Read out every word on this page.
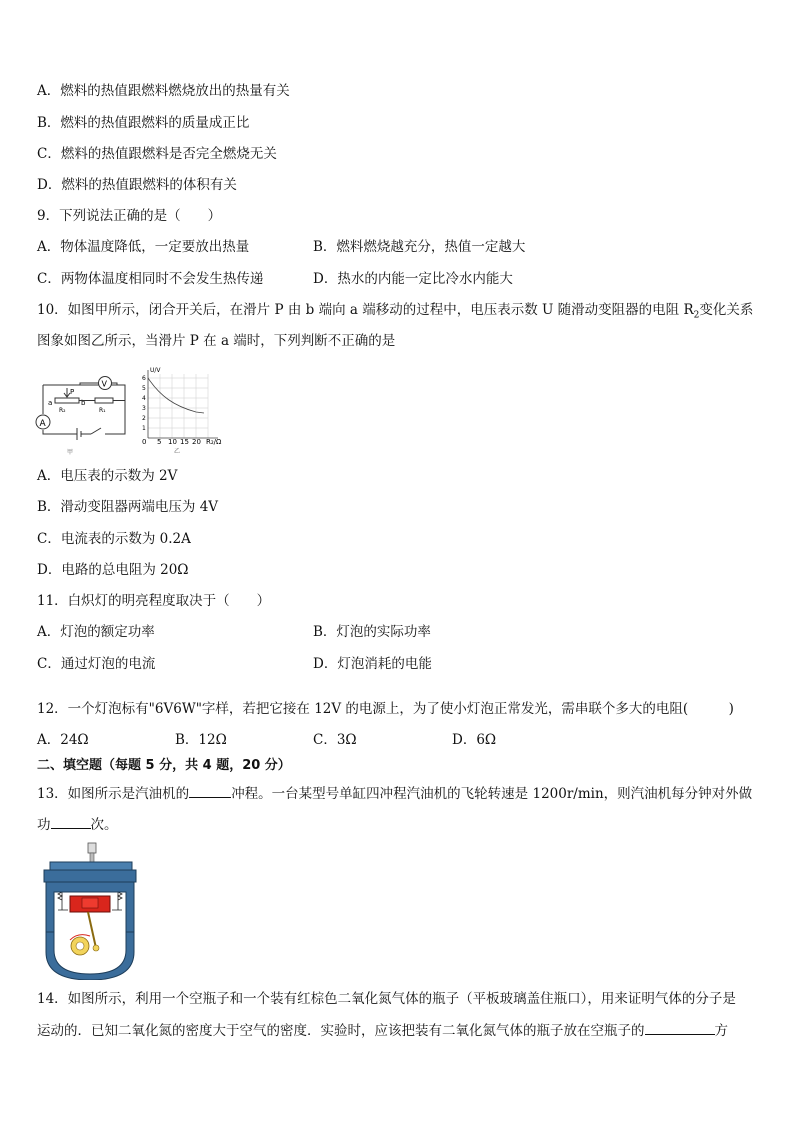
A．燃料的热值跟燃料燃烧放出的热量有关
B．燃料的热值跟燃料的质量成正比
C．燃料的热值跟燃料是否完全燃烧无关
D．燃料的热值跟燃料的体积有关
9．下列说法正确的是（　　）
A．物体温度降低，一定要放出热量	B．燃料燃烧越充分，热值一定越大
C．两物体温度相同时不会发生热传递	D．热水的内能一定比冷水内能大
10．如图甲所示，闭合开关后，在滑片 P 由 b 端向 a 端移动的过程中，电压表示数 U 随滑动变阻器的电阻 $R_2$变化关系
图象如图乙所示，当滑片 P 在 a 端时，下列判断不正确的是
A
V
P
a	b
R₂	R₁
甲
U/V
6
5
4
3
2
1
0 5 10 15 20 R₂/Ω
乙
A．电压表的示数为 2V
B．滑动变阻器两端电压为 4V
C．电流表的示数为 0.2A
D．电路的总电阻为 20Ω
11．白炽灯的明亮程度取决于（　　）
A．灯泡的额定功率	B．灯泡的实际功率
C．通过灯泡的电流	D．灯泡消耗的电能
12．一个灯泡标有"6V6W"字样，若把它接在 12V 的电源上，为了使小灯泡正常发光，需串联个多大的电阻(　　　)
A．24Ω	B．12Ω	C．3Ω	D．6Ω
二、填空题（每题 5 分，共 4 题，20 分）
13．如图所示是汽油机的	冲程。一台某型号单缸四冲程汽油机的飞轮转速是 1200r/min，则汽油机每分钟对外做
功	次。
14．如图所示，利用一个空瓶子和一个装有红棕色二氧化氮气体的瓶子（平板玻璃盖住瓶口），用来证明气体的分子是
运动的．已知二氧化氮的密度大于空气的密度．实验时，应该把装有二氧化氮气体的瓶子放在空瓶子的	方
